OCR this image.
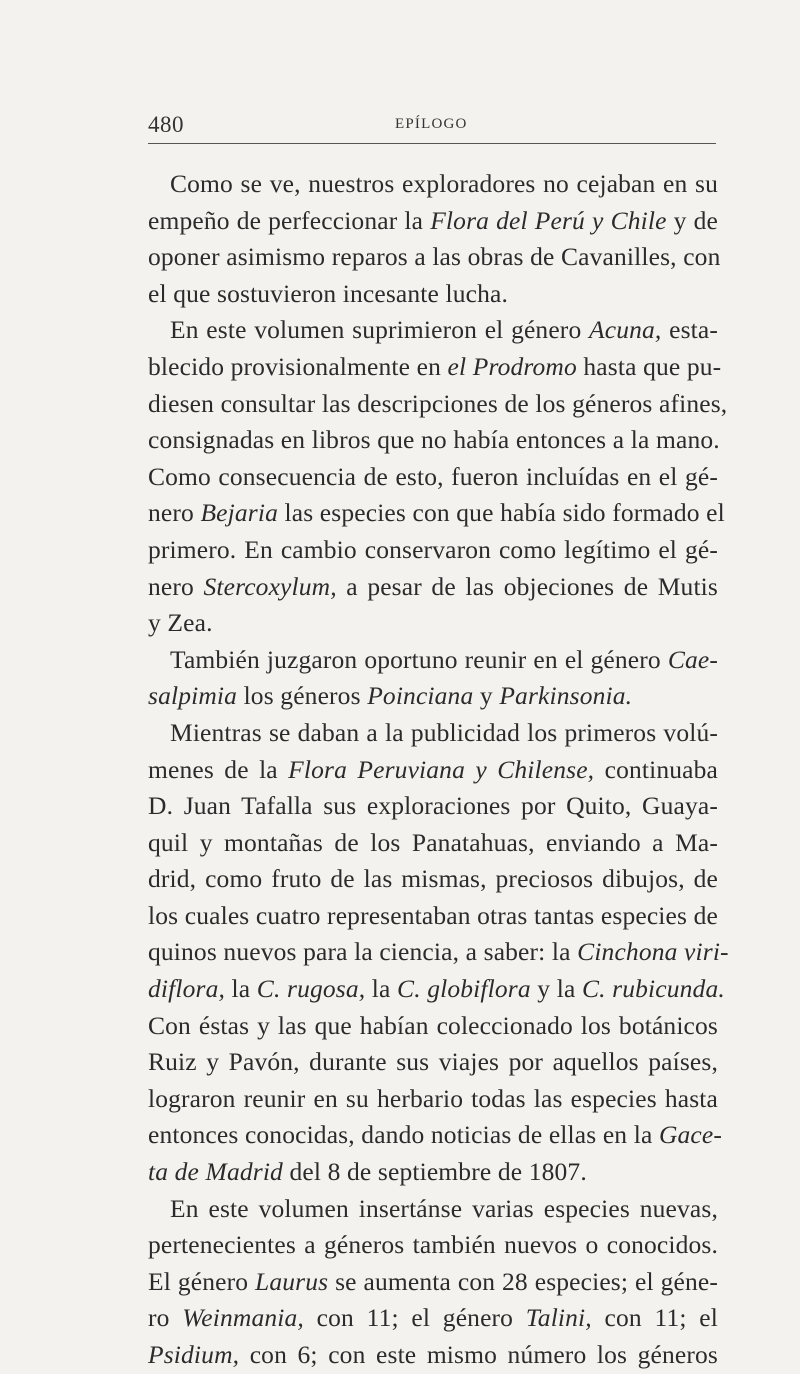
480	EPÍLOGO
Como se ve, nuestros exploradores no cejaban en su
empeño de perfeccionar la Flora del Perú y Chile y de
oponer asimismo reparos a las obras de Cavanilles, con
el que sostuvieron incesante lucha.
En este volumen suprimieron el género Acuna, esta-
blecido provisionalmente en el Prodromo hasta que pu-
diesen consultar las descripciones de los géneros afines,
consignadas en libros que no había entonces a la mano.
Como consecuencia de esto, fueron incluídas en el gé-
nero Bejaria las especies con que había sido formado el
primero. En cambio conservaron como legítimo el gé-
nero Stercoxylum, a pesar de las objeciones de Mutis
y Zea.
También juzgaron oportuno reunir en el género Cae-
salpimia los géneros Poinciana y Parkinsonia.
Mientras se daban a la publicidad los primeros volú-
menes de la Flora Peruviana y Chilense, continuaba
D. Juan Tafalla sus exploraciones por Quito, Guaya-
quil y montañas de los Panatahuas, enviando a Ma-
drid, como fruto de las mismas, preciosos dibujos, de
los cuales cuatro representaban otras tantas especies de
quinos nuevos para la ciencia, a saber: la Cinchona viri-
diflora, la C. rugosa, la C. globiflora y la C. rubicunda.
Con éstas y las que habían coleccionado los botánicos
Ruiz y Pavón, durante sus viajes por aquellos países,
lograron reunir en su herbario todas las especies hasta
entonces conocidas, dando noticias de ellas en la Gace-
ta de Madrid del 8 de septiembre de 1807.
En este volumen insertánse varias especies nuevas,
pertenecientes a géneros también nuevos o conocidos.
El género Laurus se aumenta con 28 especies; el géne-
ro Weinmania, con 11; el género Talini, con 11; el
Psidium, con 6; con este mismo número los géneros
